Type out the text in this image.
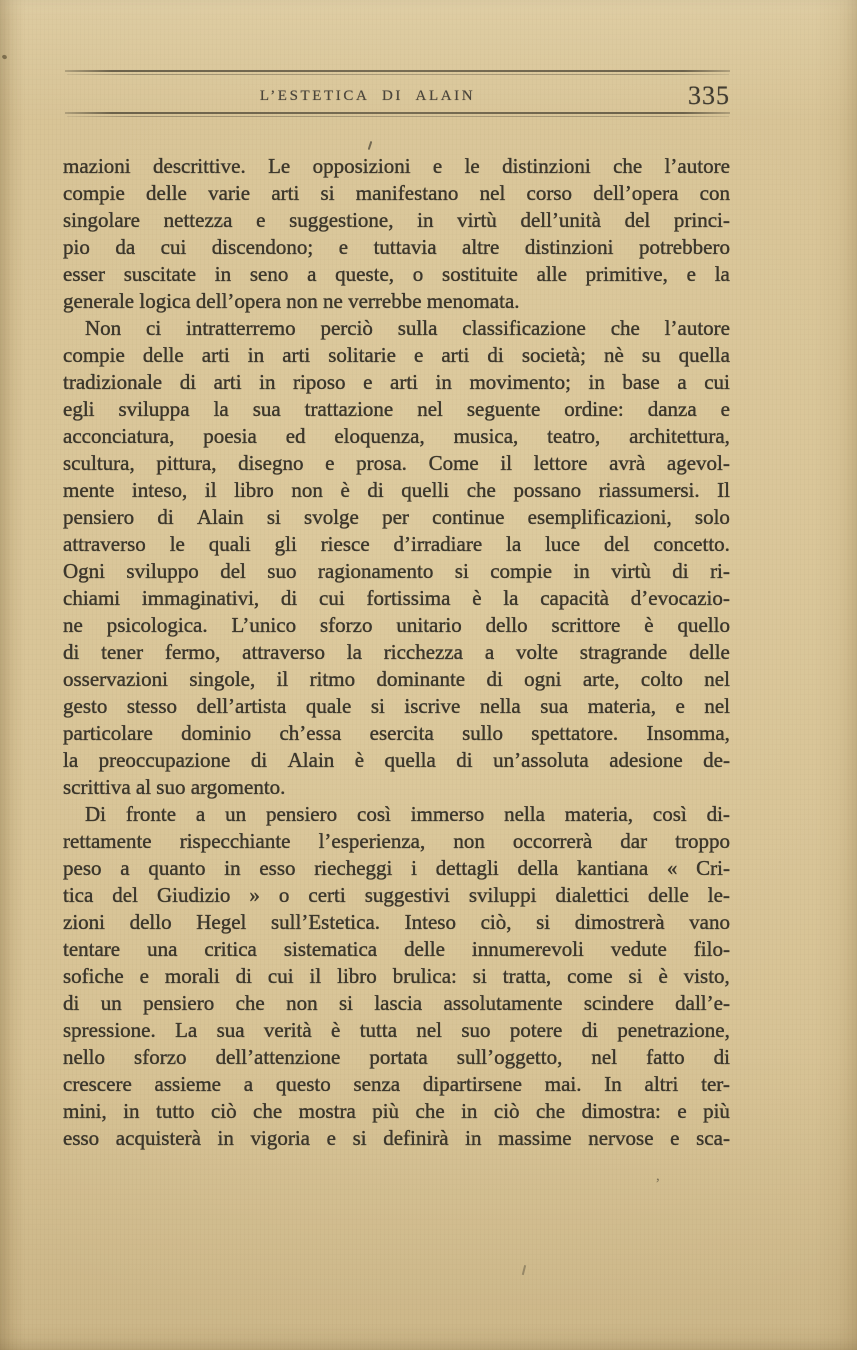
L’ESTETICA DI ALAIN	335
mazioni descrittive. Le opposizioni e le distinzioni che l’autore
compie delle varie arti si manifestano nel corso dell’opera con
singolare nettezza e suggestione, in virtù dell’unità del princi-
pio da cui discendono; e tuttavia altre distinzioni potrebbero
esser suscitate in seno a queste, o sostituite alle primitive, e la
generale logica dell’opera non ne verrebbe menomata.
Non ci intratterremo perciò sulla classificazione che l’autore
compie delle arti in arti solitarie e arti di società; nè su quella
tradizionale di arti in riposo e arti in movimento; in base a cui
egli sviluppa la sua trattazione nel seguente ordine: danza e
acconciatura, poesia ed eloquenza, musica, teatro, architettura,
scultura, pittura, disegno e prosa. Come il lettore avrà agevol-
mente inteso, il libro non è di quelli che possano riassumersi. Il
pensiero di Alain si svolge per continue esemplificazioni, solo
attraverso le quali gli riesce d’irradiare la luce del concetto.
Ogni sviluppo del suo ragionamento si compie in virtù di ri-
chiami immaginativi, di cui fortissima è la capacità d’evocazio-
ne psicologica. L’unico sforzo unitario dello scrittore è quello
di tener fermo, attraverso la ricchezza a volte stragrande delle
osservazioni singole, il ritmo dominante di ogni arte, colto nel
gesto stesso dell’artista quale si iscrive nella sua materia, e nel
particolare dominio ch’essa esercita sullo spettatore. Insomma,
la preoccupazione di Alain è quella di un’assoluta adesione de-
scrittiva al suo argomento.
Di fronte a un pensiero così immerso nella materia, così di-
rettamente rispecchiante l’esperienza, non occorrerà dar troppo
peso a quanto in esso riecheggi i dettagli della kantiana « Cri-
tica del Giudizio » o certi suggestivi sviluppi dialettici delle le-
zioni dello Hegel sull’Estetica. Inteso ciò, si dimostrerà vano
tentare una critica sistematica delle innumerevoli vedute filo-
sofiche e morali di cui il libro brulica: si tratta, come si è visto,
di un pensiero che non si lascia assolutamente scindere dall’e-
spressione. La sua verità è tutta nel suo potere di penetrazione,
nello sforzo dell’attenzione portata sull’oggetto, nel fatto di
crescere assieme a questo senza dipartirsene mai. In altri ter-
mini, in tutto ciò che mostra più che in ciò che dimostra: e più
esso acquisterà in vigoria e si definirà in massime nervose e sca-
,
